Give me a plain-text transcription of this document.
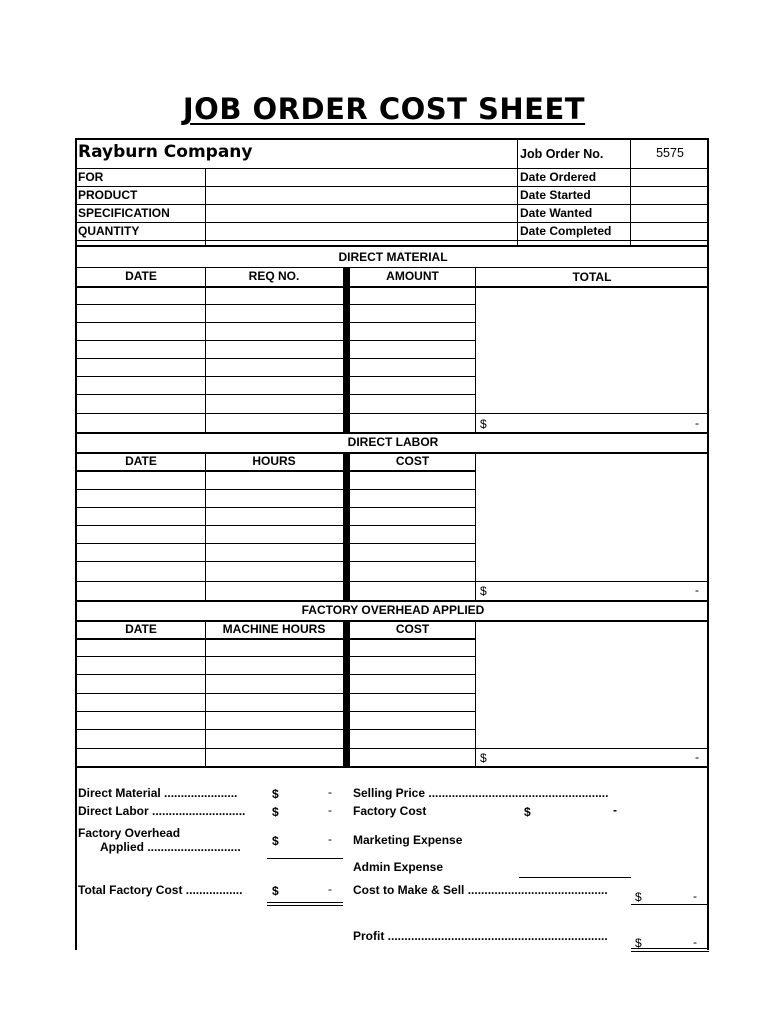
JOB ORDER COST SHEET
Rayburn Company	Job Order No.	5575
FOR
PRODUCT
SPECIFICATION
QUANTITY
Date Ordered
Date Started
Date Wanted
Date Completed
DIRECT MATERIAL
DATE	REQ NO.	AMOUNT	TOTAL
$	-
DIRECT LABOR
DATE	HOURS	COST
$	-
FACTORY OVERHEAD APPLIED
DATE	MACHINE HOURS	COST
$	-
Direct Material ......................	$	-
Direct Labor ............................ $	-
Factory Overhead
Applied ............................	$	-
Total Factory Cost ................. $	-
Selling Price ......................................................
Factory Cost	$	-
Marketing Expense
Admin Expense
Cost to Make & Sell .......................................... $	-
Profit .................................................................. $	-
